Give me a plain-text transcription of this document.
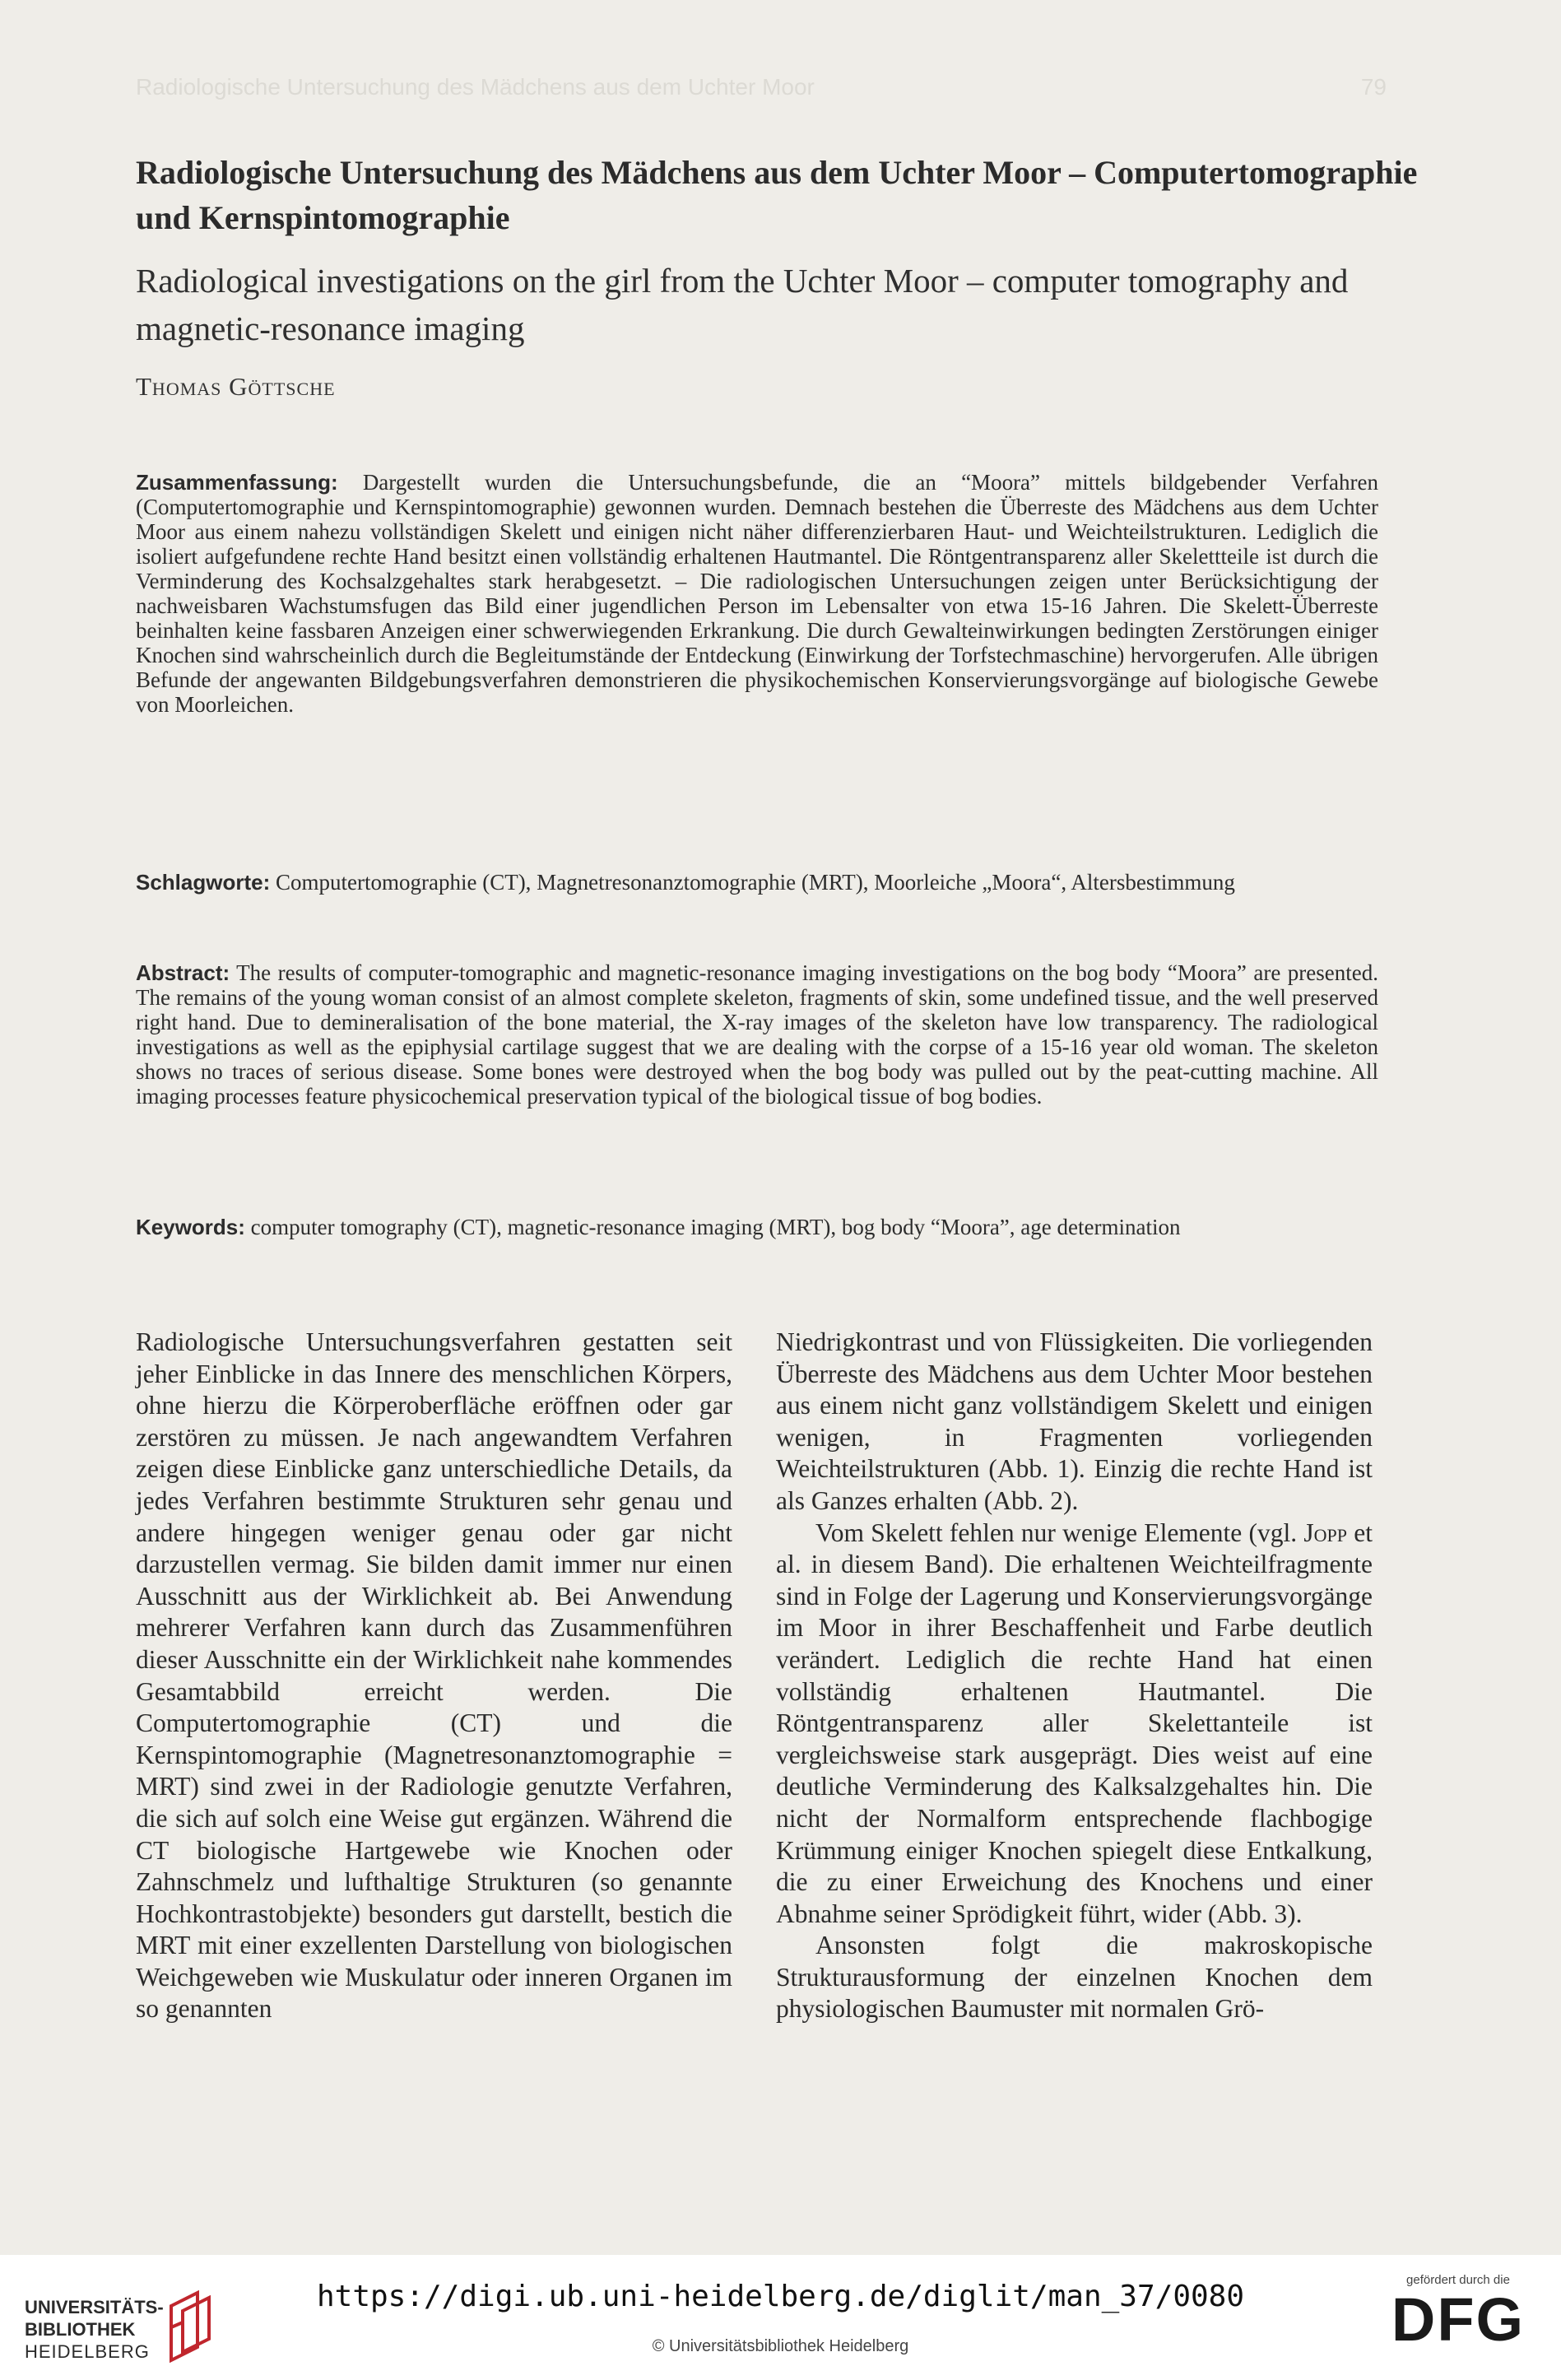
Radiologische Untersuchung des Mädchens aus dem Uchter Moor	79
Radiologische Untersuchung des Mädchens aus dem Uchter Moor – Computertomographie und Kernspintomographie
Radiological investigations on the girl from the Uchter Moor – computer tomography and magnetic-resonance imaging
Thomas Göttsche
Zusammenfassung: Dargestellt wurden die Untersuchungsbefunde, die an “Moora” mittels bildgebender Verfahren (Computertomographie und Kernspintomographie) gewonnen wurden. Demnach bestehen die Überreste des Mädchens aus dem Uchter Moor aus einem nahezu vollständigen Skelett und einigen nicht näher differenzierbaren Haut- und Weichteilstrukturen. Lediglich die isoliert aufgefundene rechte Hand besitzt einen vollständig erhaltenen Hautmantel. Die Röntgentransparenz aller Skelettteile ist durch die Verminderung des Kochsalzgehaltes stark herabgesetzt. – Die radiologischen Untersuchungen zeigen unter Berücksichtigung der nachweisbaren Wachstumsfugen das Bild einer jugendlichen Person im Lebensalter von etwa 15-16 Jahren. Die Skelett-Überreste beinhalten keine fassbaren Anzeigen einer schwerwiegenden Erkrankung. Die durch Gewalteinwirkungen bedingten Zerstörungen einiger Knochen sind wahrscheinlich durch die Begleitumstände der Entdeckung (Einwirkung der Torfstechmaschine) hervorgerufen. Alle übrigen Befunde der angewanten Bildgebungsverfahren demonstrieren die physikochemischen Konservierungsvorgänge auf biologische Gewebe von Moorleichen.
Schlagworte: Computertomographie (CT), Magnetresonanztomographie (MRT), Moorleiche „Moora“, Altersbestimmung
Abstract: The results of computer-tomographic and magnetic-resonance imaging investigations on the bog body “Moora” are presented. The remains of the young woman consist of an almost complete skeleton, fragments of skin, some undefined tissue, and the well preserved right hand. Due to demineralisation of the bone material, the X-ray images of the skeleton have low transparency. The radiological investigations as well as the epiphysial cartilage suggest that we are dealing with the corpse of a 15-16 year old woman. The skeleton shows no traces of serious disease. Some bones were destroyed when the bog body was pulled out by the peat-cutting machine. All imaging processes feature physicochemical preservation typical of the biological tissue of bog bodies.
Keywords: computer tomography (CT), magnetic-resonance imaging (MRT), bog body “Moora”, age determination

Radiologische Untersuchungsverfahren gestatten seit jeher Einblicke in das Innere des menschlichen Körpers, ohne hierzu die Körperoberfläche eröffnen oder gar zerstören zu müssen. Je nach angewandtem Verfahren zeigen diese Einblicke ganz unterschiedliche Details, da jedes Verfahren bestimmte Strukturen sehr genau und andere hingegen weniger genau oder gar nicht darzustellen vermag. Sie bilden damit immer nur einen Ausschnitt aus der Wirklichkeit ab. Bei Anwendung mehrerer Verfahren kann durch das Zusammenführen dieser Ausschnitte ein der Wirklichkeit nahe kommendes Gesamtabbild erreicht werden. Die Computertomographie (CT) und die Kernspintomographie (Magnetresonanztomographie = MRT) sind zwei in der Radiologie genutzte Verfahren, die sich auf solch eine Weise gut ergänzen. Während die CT biologische Hartgewebe wie Knochen oder Zahnschmelz und lufthaltige Strukturen (so genannte Hochkontrastobjekte) besonders gut darstellt, bestich die MRT mit einer exzellenten Darstellung von biologischen Weichgeweben wie Muskulatur oder inneren Organen im so genannten

Niedrigkontrast und von Flüssigkeiten. Die vorliegenden Überreste des Mädchens aus dem Uchter Moor bestehen aus einem nicht ganz vollständigem Skelett und einigen wenigen, in Fragmenten vorliegenden Weichteilstrukturen (Abb. 1). Einzig die rechte Hand ist als Ganzes erhalten (Abb. 2).

Vom Skelett fehlen nur wenige Elemente (vgl. Jopp et al. in diesem Band). Die erhaltenen Weichteilfragmente sind in Folge der Lagerung und Konservierungsvorgänge im Moor in ihrer Beschaffenheit und Farbe deutlich verändert. Lediglich die rechte Hand hat einen vollständig erhaltenen Hautmantel. Die Röntgentransparenz aller Skelettanteile ist vergleichsweise stark ausgeprägt. Dies weist auf eine deutliche Verminderung des Kalksalzgehaltes hin. Die nicht der Normalform entsprechende flachbogige Krümmung einiger Knochen spiegelt diese Entkalkung, die zu einer Erweichung des Knochens und einer Abnahme seiner Sprödigkeit führt, wider (Abb. 3).

Ansonsten folgt die makroskopische Strukturausformung der einzelnen Knochen dem physiologischen Baumuster mit normalen Grö-

UNIVERSITÄTS-
BIBLIOTHEK
HEIDELBERG
https://digi.ub.uni-heidelberg.de/diglit/man_37/0080
© Universitätsbibliothek Heidelberg
gefördert durch die
DFG
